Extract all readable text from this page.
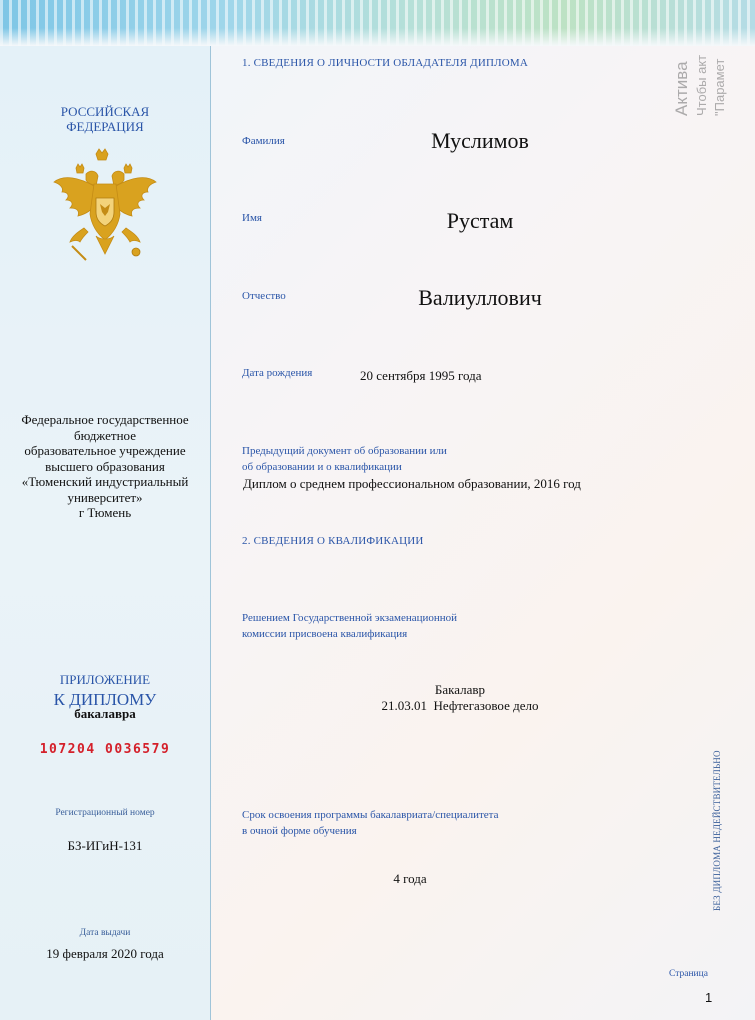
РОССИЙСКАЯ
ФЕДЕРАЦИЯ
Федеральное государственное
бюджетное
образовательное учреждение
высшего образования
«Тюменский индустриальный
университет»
г Тюмень
ПРИЛОЖЕНИЕ
К ДИПЛОМУ
бакалавра
107204 0036579
Регистрационный номер
БЗ-ИГиН-131
Дата выдачи
19 февраля 2020 года
1. СВЕДЕНИЯ О ЛИЧНОСТИ ОБЛАДАТЕЛЯ ДИПЛОМА
Фамилия	Муслимов
Имя	Рустам
Отчество	Валиуллович
Дата рождения	20 сентября 1995 года
Предыдущий документ об образовании или
об образовании и о квалификации
Диплом о среднем профессиональном образовании, 2016 год
2. СВЕДЕНИЯ О КВАЛИФИКАЦИИ
Решением Государственной экзаменационной
комиссии присвоена квалификация
Бакалавр
21.03.01  Нефтегазовое дело
Срок освоения программы бакалавриата/специалитета
в очной форме обучения
4 года	БЕЗ ДИПЛОМА НЕДЕЙСТВИТЕЛЬНО
Страница
1
Актива Чтобы акт "Парамет
